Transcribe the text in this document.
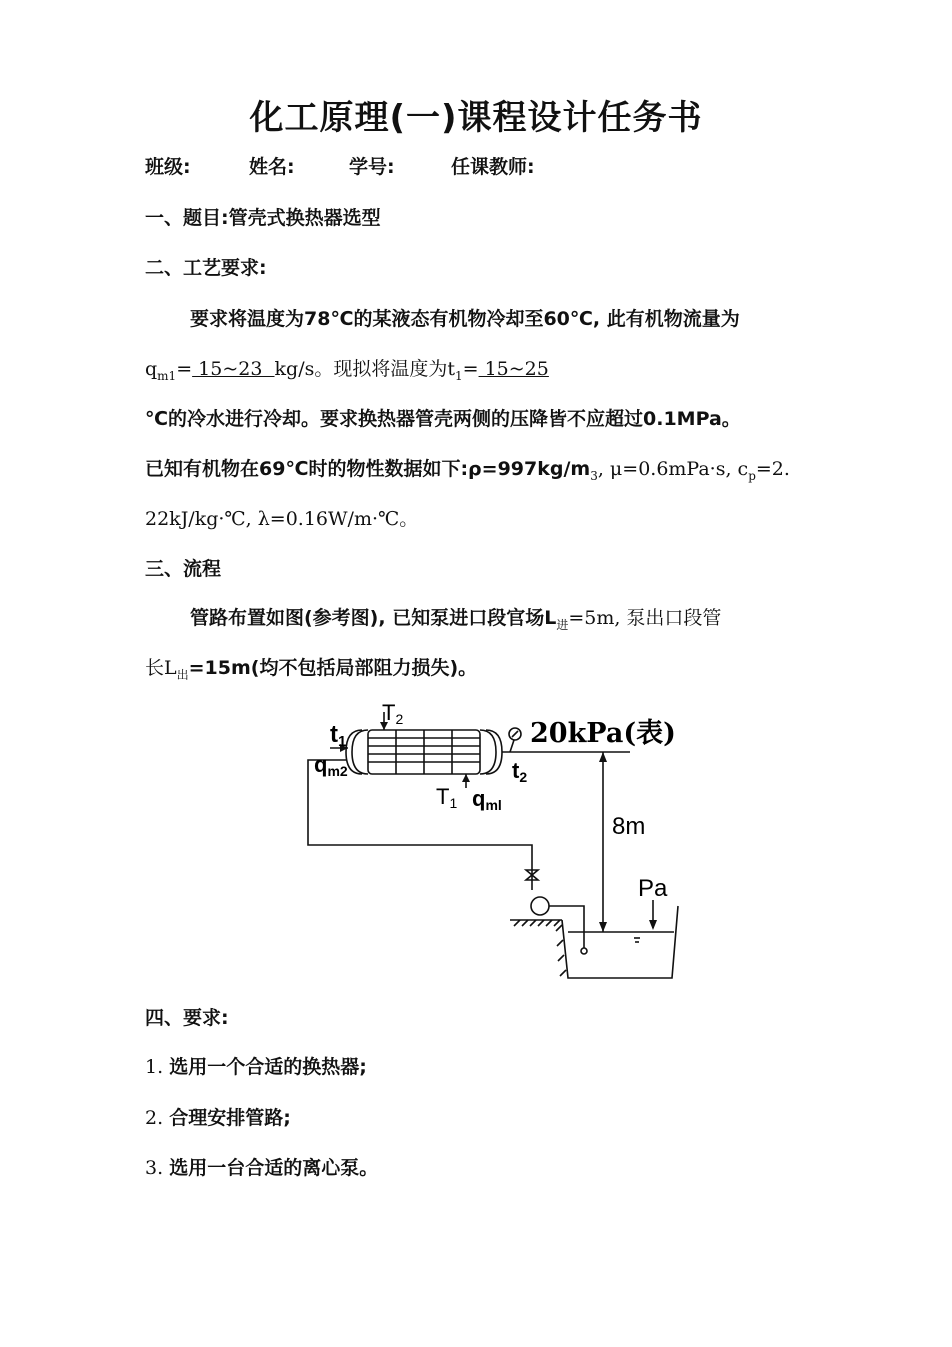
化工原理(一)课程设计任务书
班级:	姓名:	学号:	任课教师:
一、题目:管壳式换热器选型
二、工艺要求:
要求将温度为78℃的某液态有机物冷却至60℃, 此有机物流量为
$q_{m1}=$ 15~23  kg/s。现拟将温度为$t_1=$ 15~25
℃的冷水进行冷却。要求换热器管壳两侧的压降皆不应超过0.1MPa。
已知有机物在69℃时的物性数据如下$:\rho=997kg/m_3$, μ=0.6mPa·s, $c_p=2$.
22kJ/kg·℃, λ=0.16W/m·℃。
三、流程
管路布置如图(参考图), 已知泵进口段官场$L_进=5m$, 泵出口段管
长$L_出=15m$(均不包括局部阻力损失)。
t1
T2
qm2
T1 qml
t2
20kPa(表)
8m
Pa
四、要求:
1. 选用一个合适的换热器;
2. 合理安排管路;
3. 选用一台合适的离心泵。
